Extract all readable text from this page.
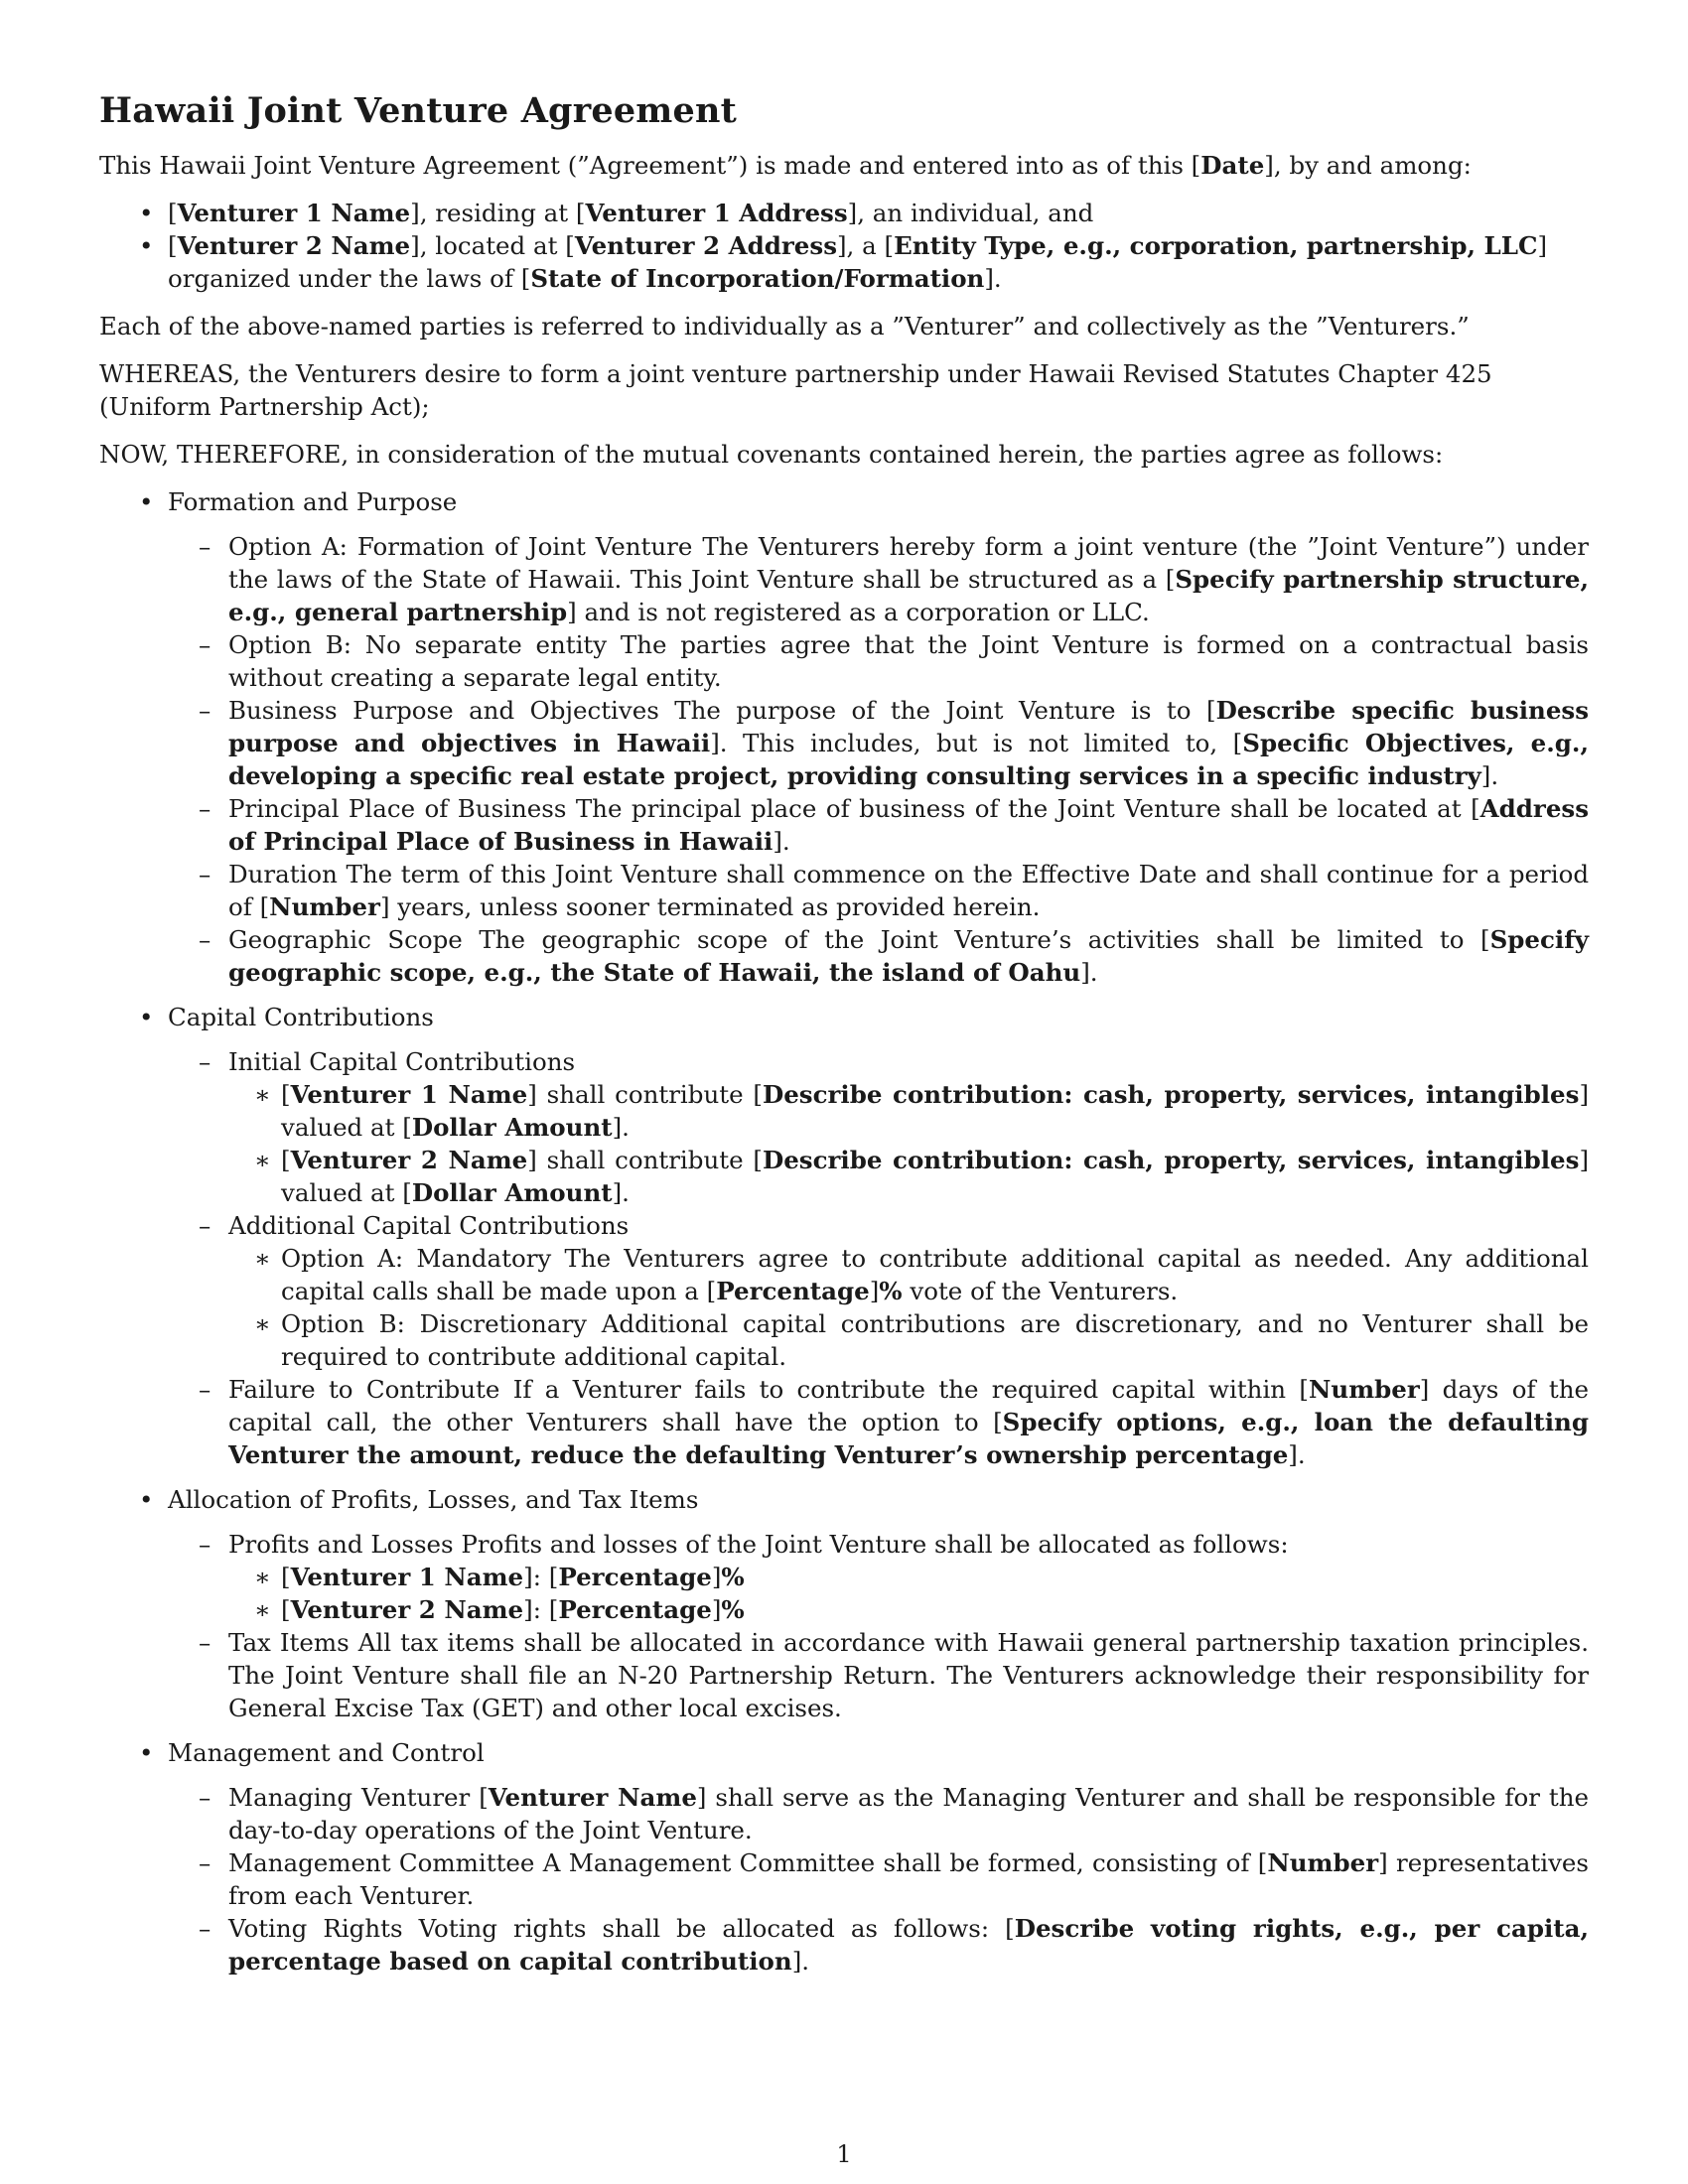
Hawaii Joint Venture Agreement

This Hawaii Joint Venture Agreement (”Agreement”) is made and entered into as of this [Date], by and among:

• [Venturer 1 Name], residing at [Venturer 1 Address], an individual, and
• [Venturer 2 Name], located at [Venturer 2 Address], a [Entity Type, e.g., corporation, partnership, LLC] organized under the laws of [State of Incorporation/Formation].

Each of the above-named parties is referred to individually as a ”Venturer” and collectively as the ”Venturers.”

WHEREAS, the Venturers desire to form a joint venture partnership under Hawaii Revised Statutes Chapter 425 (Uniform Partnership Act);

NOW, THEREFORE, in consideration of the mutual covenants contained herein, the parties agree as follows:

• Formation and Purpose
– Option A: Formation of Joint Venture The Venturers hereby form a joint venture (the ”Joint Venture”) under the laws of the State of Hawaii. This Joint Venture shall be structured as a [Specify partnership structure, e.g., general partnership] and is not registered as a corporation or LLC.
– Option B: No separate entity The parties agree that the Joint Venture is formed on a contractual basis without creating a separate legal entity.
– Business Purpose and Objectives The purpose of the Joint Venture is to [Describe specific business purpose and objectives in Hawaii]. This includes, but is not limited to, [Specific Objectives, e.g., developing a specific real estate project, providing consulting services in a specific industry].
– Principal Place of Business The principal place of business of the Joint Venture shall be located at [Address of Principal Place of Business in Hawaii].
– Duration The term of this Joint Venture shall commence on the Effective Date and shall continue for a period of [Number] years, unless sooner terminated as provided herein.
– Geographic Scope The geographic scope of the Joint Venture’s activities shall be limited to [Specify geographic scope, e.g., the State of Hawaii, the island of Oahu].
• Capital Contributions
– Initial Capital Contributions
∗ [Venturer 1 Name] shall contribute [Describe contribution: cash, property, services, intangibles] valued at [Dollar Amount].
∗ [Venturer 2 Name] shall contribute [Describe contribution: cash, property, services, intangibles] valued at [Dollar Amount].
– Additional Capital Contributions
∗ Option A: Mandatory The Venturers agree to contribute additional capital as needed. Any additional capital calls shall be made upon a [Percentage]% vote of the Venturers.
∗ Option B: Discretionary Additional capital contributions are discretionary, and no Venturer shall be required to contribute additional capital.
– Failure to Contribute If a Venturer fails to contribute the required capital within [Number] days of the capital call, the other Venturers shall have the option to [Specify options, e.g., loan the defaulting Venturer the amount, reduce the defaulting Venturer’s ownership percentage].
• Allocation of Profits, Losses, and Tax Items
– Profits and Losses Profits and losses of the Joint Venture shall be allocated as follows:
∗ [Venturer 1 Name]: [Percentage]%
∗ [Venturer 2 Name]: [Percentage]%
– Tax Items All tax items shall be allocated in accordance with Hawaii general partnership taxation principles. The Joint Venture shall file an N-20 Partnership Return. The Venturers acknowledge their responsibility for General Excise Tax (GET) and other local excises.
• Management and Control
– Managing Venturer [Venturer Name] shall serve as the Managing Venturer and shall be responsible for the day-to-day operations of the Joint Venture.
– Management Committee A Management Committee shall be formed, consisting of [Number] representatives from each Venturer.
– Voting Rights Voting rights shall be allocated as follows: [Describe voting rights, e.g., per capita, percentage based on capital contribution].
1
